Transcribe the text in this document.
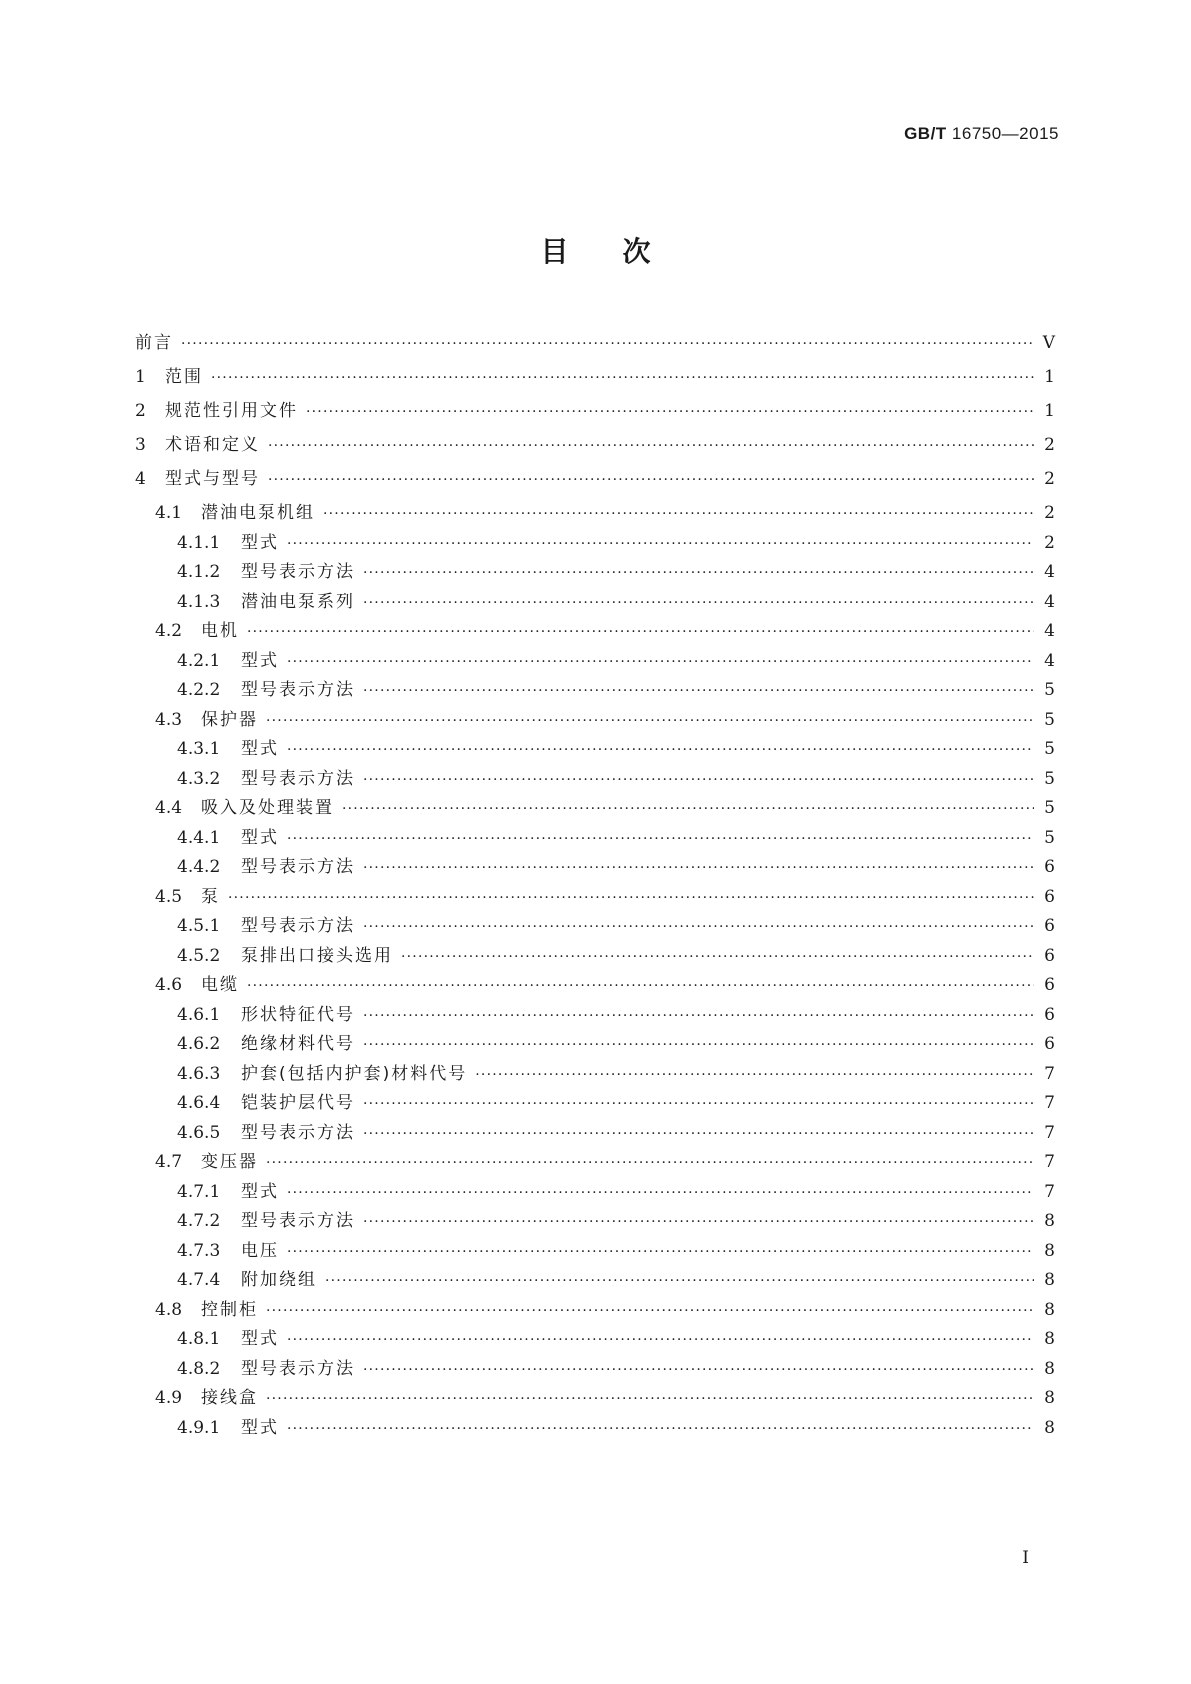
GB/T 16750—2015
目 次
前言 ·····	V
1	范围 ·····	1
2	规范性引用文件 ·····	1
3	术语和定义 ·····	2
4	型式与型号 ·····	2
4.1	潜油电泵机组 ·····	2
4.1.1	型式 ·····	2
4.1.2	型号表示方法 ·····	4
4.1.3	潜油电泵系列 ·····	4
4.2	电机 ·····	4
4.2.1	型式 ·····	4
4.2.2	型号表示方法 ·····	5
4.3	保护器 ·····	5
4.3.1	型式 ·····	5
4.3.2	型号表示方法 ·····	5
4.4	吸入及处理装置 ·····	5
4.4.1	型式 ·····	5
4.4.2	型号表示方法 ·····	6
4.5	泵 ·····	6
4.5.1	型号表示方法 ·····	6
4.5.2	泵排出口接头选用 ·····	6
4.6	电缆 ·····	6
4.6.1	形状特征代号 ·····	6
4.6.2	绝缘材料代号 ·····	6
4.6.3	护套(包括内护套)材料代号 ·····	7
4.6.4	铠装护层代号 ·····	7
4.6.5	型号表示方法 ·····	7
4.7	变压器 ·····	7
4.7.1	型式 ·····	7
4.7.2	型号表示方法 ·····	8
4.7.3	电压 ·····	8
4.7.4	附加绕组 ·····	8
4.8	控制柜 ·····	8
4.8.1	型式 ·····	8
4.8.2	型号表示方法 ·····	8
4.9	接线盒 ·····	8
4.9.1	型式 ·····	8
I
